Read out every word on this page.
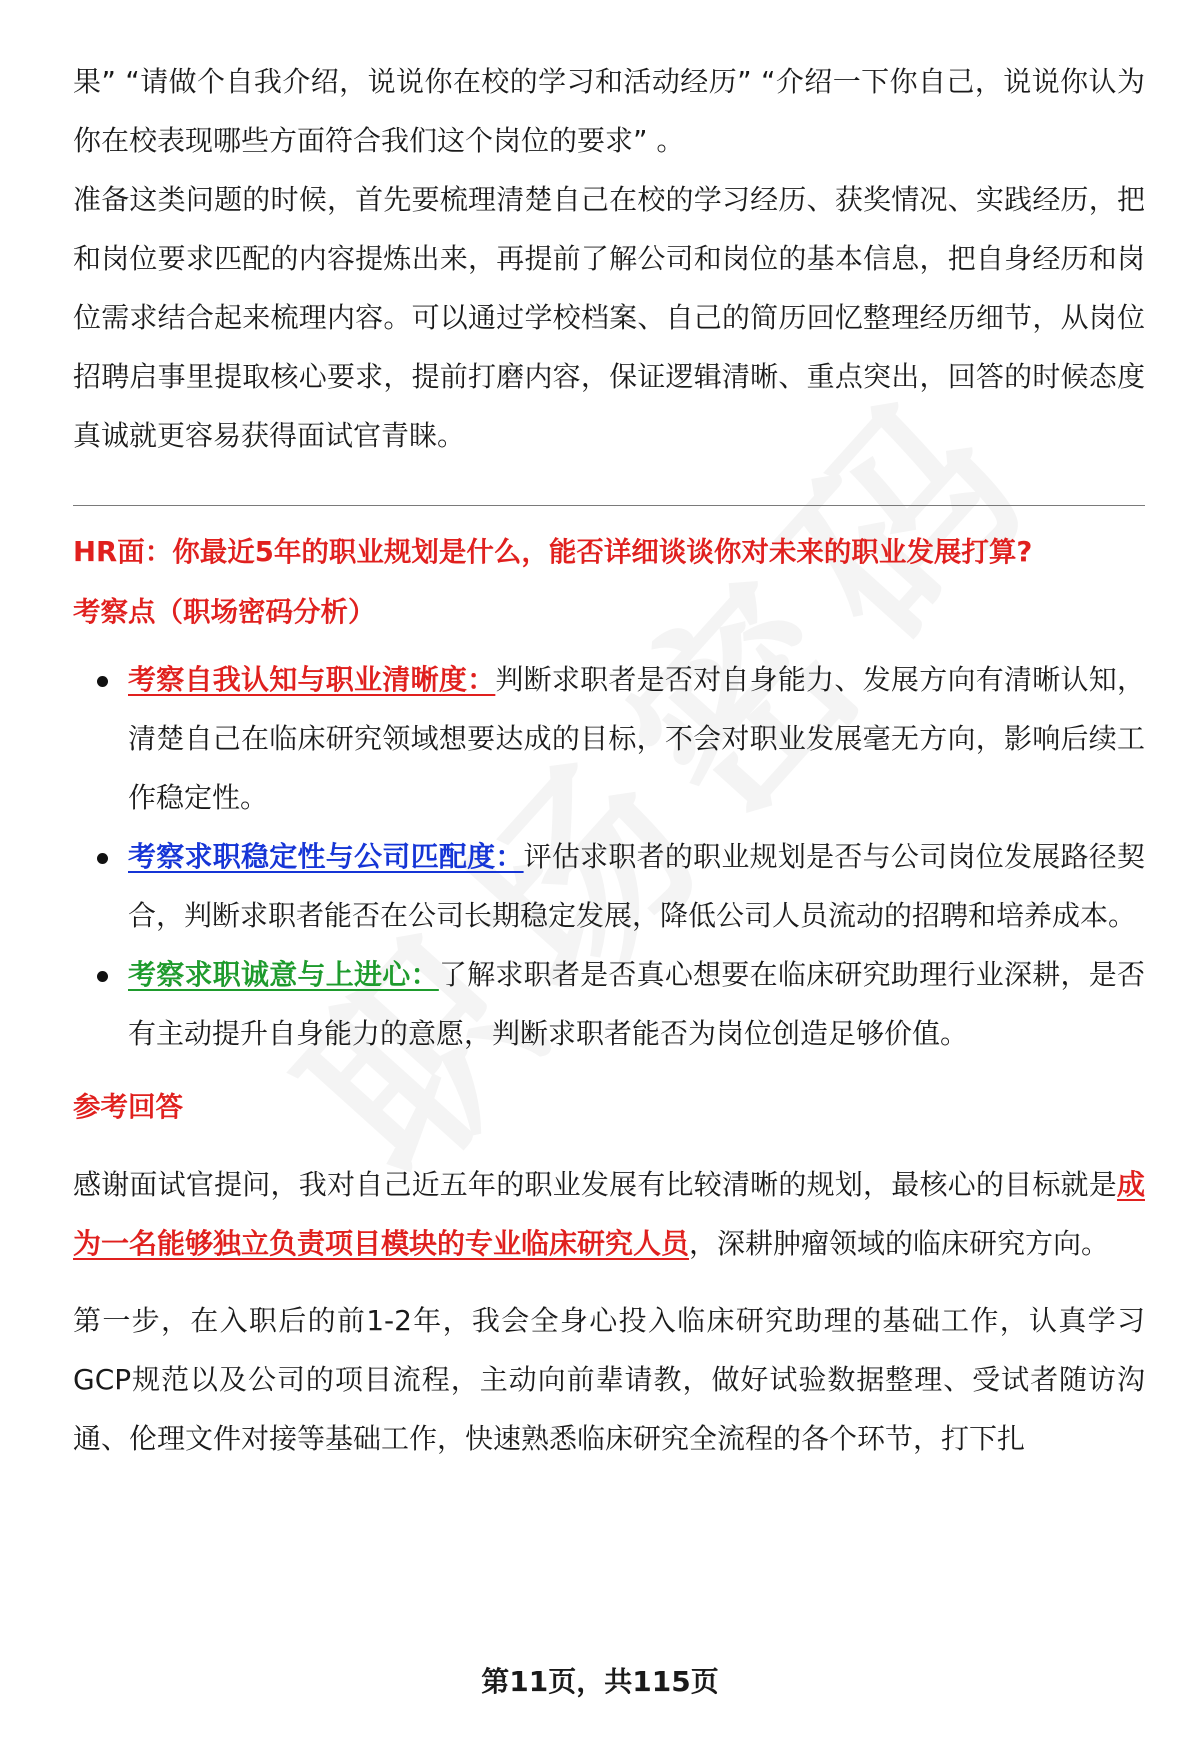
果” “请做个自我介绍，说说你在校的学习和活动经历” “介绍一下你自己，说说你认为你在校表现哪些方面符合我们这个岗位的要求” 。

准备这类问题的时候，首先要梳理清楚自己在校的学习经历、获奖情况、实践经历，把和岗位要求匹配的内容提炼出来，再提前了解公司和岗位的基本信息，把自身经历和岗位需求结合起来梳理内容。可以通过学校档案、自己的简历回忆整理经历细节，从岗位招聘启事里提取核心要求，提前打磨内容，保证逻辑清晰、重点突出，回答的时候态度真诚就更容易获得面试官青睐。

HR面：你最近5年的职业规划是什么，能否详细谈谈你对未来的职业发展打算?

考察点（职场密码分析）

考察自我认知与职业清晰度：判断求职者是否对自身能力、发展方向有清晰认知，清楚自己在临床研究领域想要达成的目标，不会对职业发展毫无方向，影响后续工作稳定性。
考察求职稳定性与公司匹配度：评估求职者的职业规划是否与公司岗位发展路径契合，判断求职者能否在公司长期稳定发展，降低公司人员流动的招聘和培养成本。
考察求职诚意与上进心：了解求职者是否真心想要在临床研究助理行业深耕，是否有主动提升自身能力的意愿，判断求职者能否为岗位创造足够价值。

参考回答

感谢面试官提问，我对自己近五年的职业发展有比较清晰的规划，最核心的目标就是成为一名能够独立负责项目模块的专业临床研究人员，深耕肿瘤领域的临床研究方向。

第一步，在入职后的前1-2年，我会全身心投入临床研究助理的基础工作，认真学习GCP规范以及公司的项目流程，主动向前辈请教，做好试验数据整理、受试者随访沟通、伦理文件对接等基础工作，快速熟悉临床研究全流程的各个环节，打下扎

第11页，共115页
